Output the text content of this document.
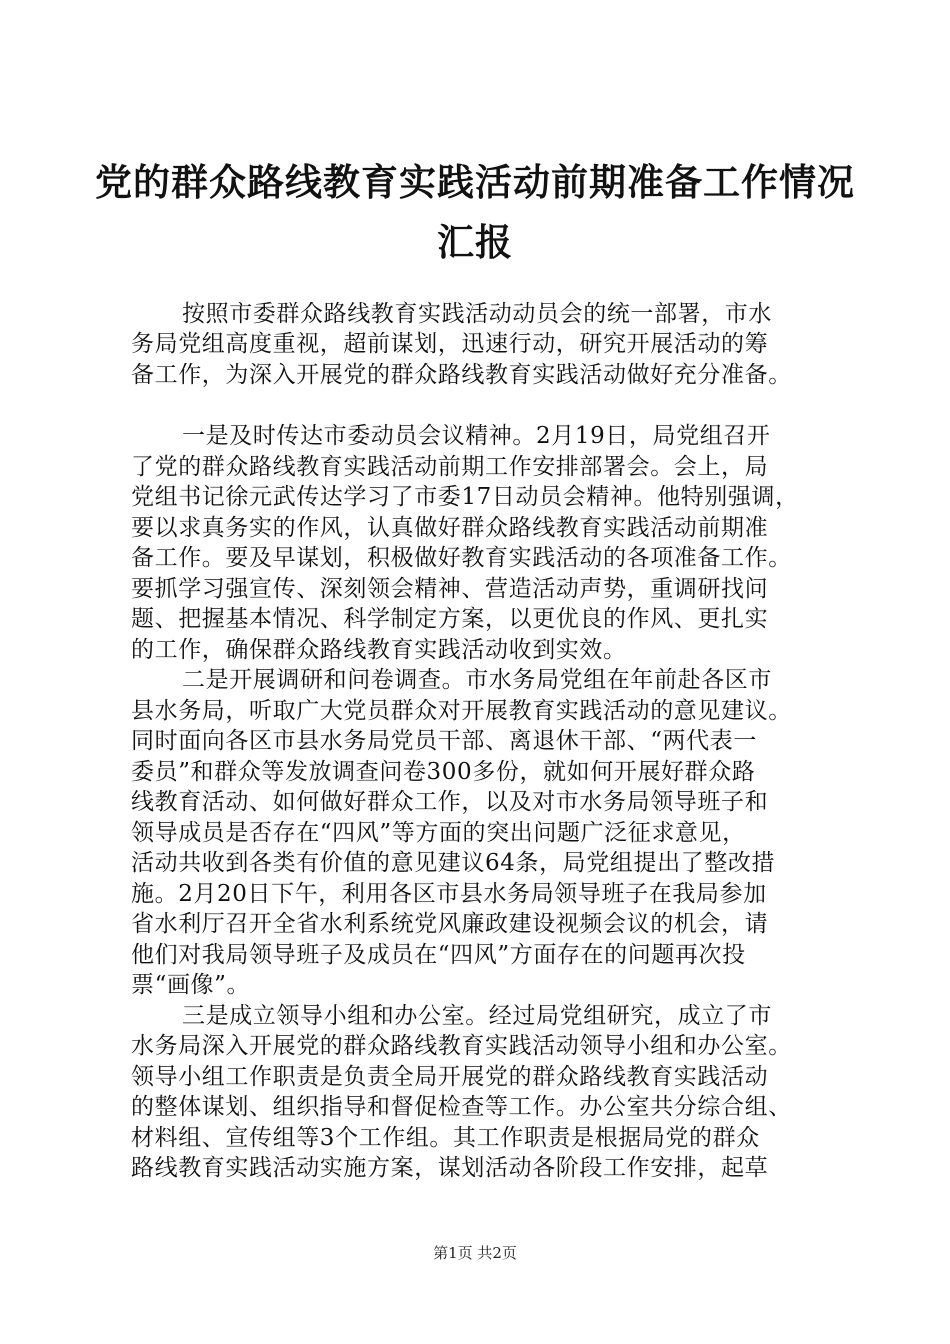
党的群众路线教育实践活动前期准备工作情况
汇报
按照市委群众路线教育实践活动动员会的统一部署，市水
务局党组高度重视，超前谋划，迅速行动，研究开展活动的筹
备工作，为深入开展党的群众路线教育实践活动做好充分准备。
一是及时传达市委动员会议精神。2月19日，局党组召开
了党的群众路线教育实践活动前期工作安排部署会。会上，局
党组书记徐元武传达学习了市委17日动员会精神。他特别强调，
要以求真务实的作风，认真做好群众路线教育实践活动前期准
备工作。要及早谋划，积极做好教育实践活动的各项准备工作。
要抓学习强宣传、深刻领会精神、营造活动声势，重调研找问
题、把握基本情况、科学制定方案，以更优良的作风、更扎实
的工作，确保群众路线教育实践活动收到实效。
二是开展调研和问卷调查。市水务局党组在年前赴各区市
县水务局，听取广大党员群众对开展教育实践活动的意见建议。
同时面向各区市县水务局党员干部、离退休干部、“两代表一
委员”和群众等发放调查问卷300多份，就如何开展好群众路
线教育活动、如何做好群众工作，以及对市水务局领导班子和
领导成员是否存在“四风”等方面的突出问题广泛征求意见，
活动共收到各类有价值的意见建议64条，局党组提出了整改措
施。2月20日下午，利用各区市县水务局领导班子在我局参加
省水利厅召开全省水利系统党风廉政建设视频会议的机会，请
他们对我局领导班子及成员在“四风”方面存在的问题再次投
票“画像”。
三是成立领导小组和办公室。经过局党组研究，成立了市
水务局深入开展党的群众路线教育实践活动领导小组和办公室。
领导小组工作职责是负责全局开展党的群众路线教育实践活动
的整体谋划、组织指导和督促检查等工作。办公室共分综合组、
材料组、宣传组等3个工作组。其工作职责是根据局党的群众
路线教育实践活动实施方案，谋划活动各阶段工作安排，起草
第1页 共2页
